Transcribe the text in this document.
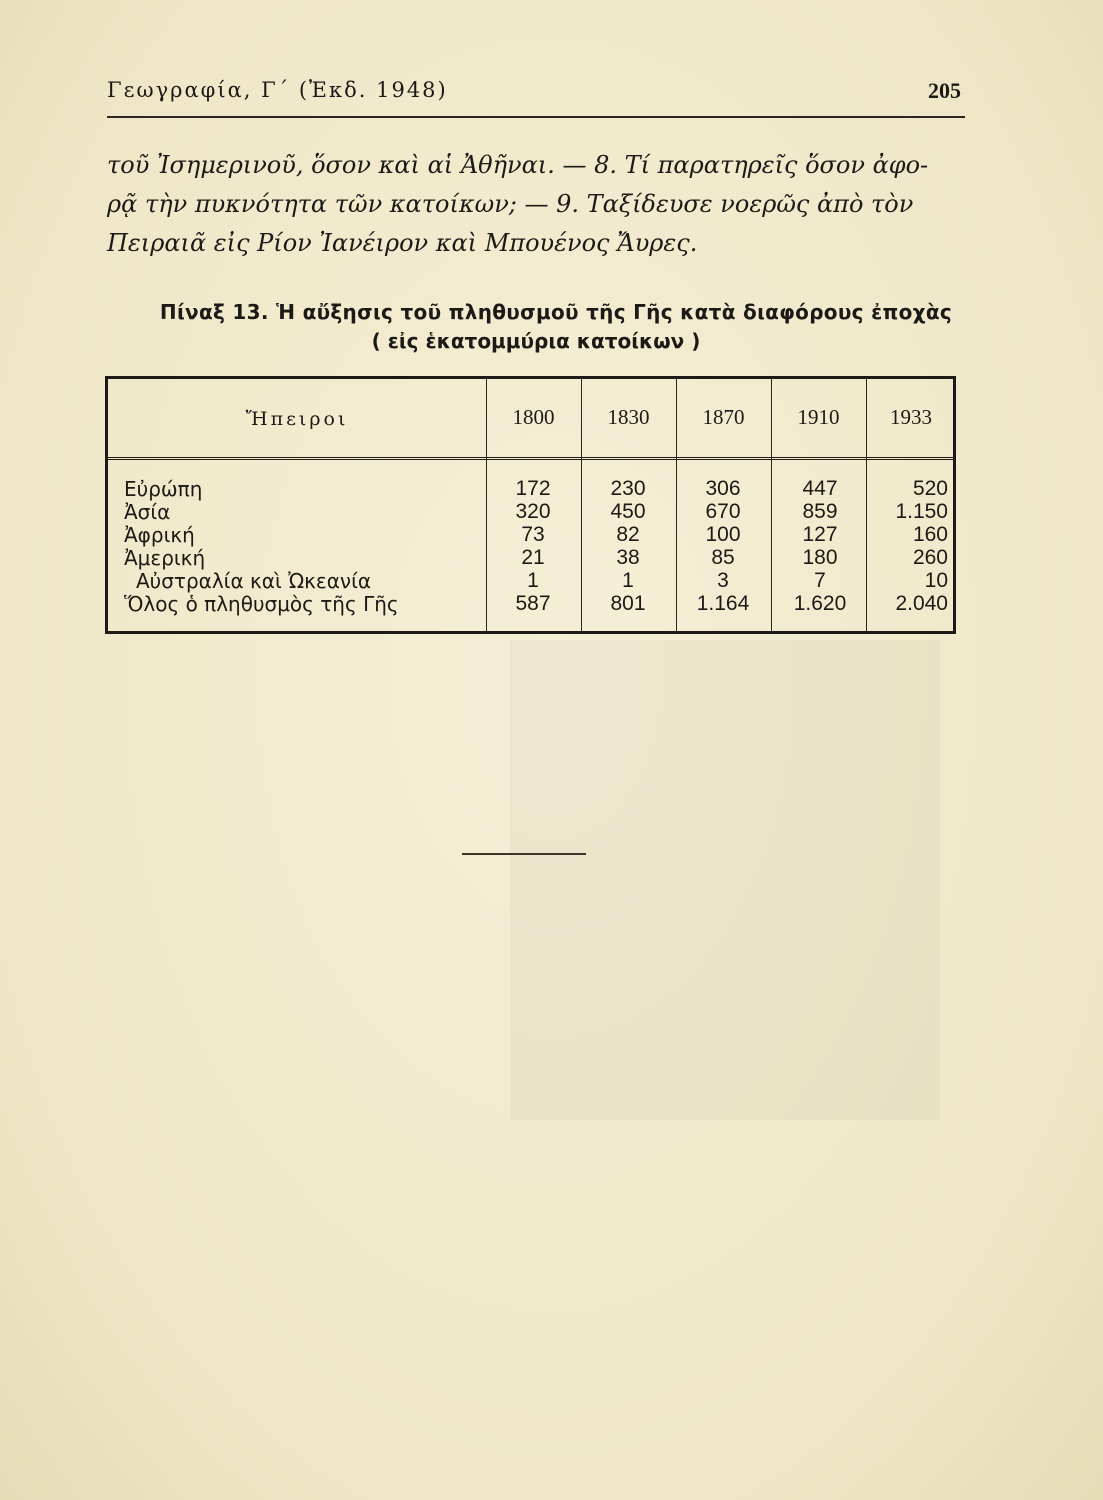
Γεωγραφία, Γ΄ (Ἐκδ. 1948)	205
τοῦ Ἰσημερινοῦ, ὅσον καὶ αἱ Ἀθῆναι. — 8. Τί παρατηρεῖς ὅσον ἀφο-
ρᾷ τὴν πυκνότητα τῶν κατοίκων; — 9. Ταξίδευσε νοερῶς ἀπὸ τὸν
Πειραιᾶ εἰς Ρίον Ἰανέιρον καὶ Μπουένος Ἄυρες.
Πίναξ 13. Ἡ αὔξησις τοῦ πληθυσμοῦ τῆς Γῆς κατὰ διαφόρους ἐποχὰς
( εἰς ἑκατομμύρια κατοίκων )
Ἤπειροι	1800	1830	1870	1910	1933
Εὐρώπη	172	230	306	447	520
Ἀσία	320	450	670	859	1.150
Ἀφρική	73	82	100	127	160
Ἀμερική	21	38	85	180	260
Αὐστραλία καὶ Ὠκεανία	1	1	3	7	10
Ὅλος ὁ πληθυσμὸς τῆς Γῆς	587	801	1.164	1.620	2.040
